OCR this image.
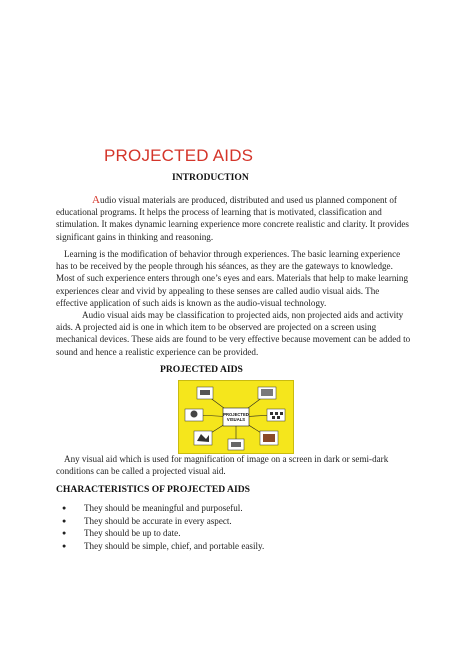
PROJECTED AIDS
INTRODUCTION
Audio visual materials are produced, distributed and used us planned component of
educational programs. It helps the process of learning that is motivated, classification and
stimulation. It makes dynamic learning experience more concrete realistic and clarity. It provides
significant gains in thinking and reasoning.
Learning is the modification of behavior through experiences. The basic learning experience
has to be received by the people through his séances, as they are the gateways to knowledge.
Most of such experience enters through one’s eyes and ears. Materials that help to make learning
experiences clear and vivid by appealing to these senses are called audio visual aids. The
effective application of such aids is known as the audio-visual technology.
Audio visual aids may be classification to projected aids, non projected aids and activity
aids. A projected aid is one in which item to be observed are projected on a screen using
mechanical devices. These aids are found to be very effective because movement can be added to
sound and hence a realistic experience can be provided.
PROJECTED AIDS
PROJECTED
VISUALS
Any visual aid which is used for magnification of image on a screen in dark or semi-dark
conditions can be called a projected visual aid.
CHARACTERISTICS OF PROJECTED AIDS
●	They should be meaningful and purposeful.
●	They should be accurate in every aspect.
●	They should be up to date.
●	They should be simple, chief, and portable easily.
